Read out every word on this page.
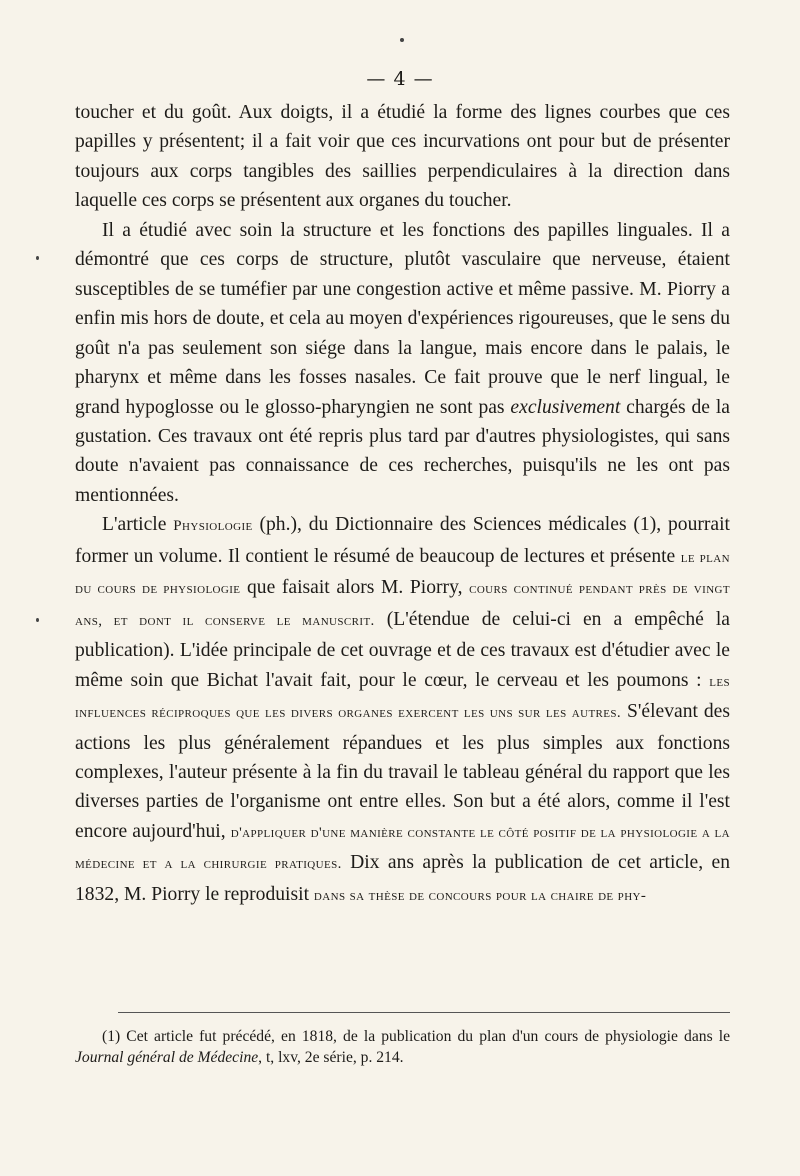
— 4 —

toucher et du goût. Aux doigts, il a étudié la forme des lignes courbes que ces papilles y présentent; il a fait voir que ces incurvations ont pour but de présenter toujours aux corps tangibles des saillies perpendiculaires à la direction dans laquelle ces corps se présentent aux organes du toucher.

Il a étudié avec soin la structure et les fonctions des papilles linguales. Il a démontré que ces corps de structure, plutôt vasculaire que nerveuse, étaient susceptibles de se tuméfier par une congestion active et même passive. M. Piorry a enfin mis hors de doute, et cela au moyen d'expériences rigoureuses, que le sens du goût n'a pas seulement son siége dans la langue, mais encore dans le palais, le pharynx et même dans les fosses nasales. Ce fait prouve que le nerf lingual, le grand hypoglosse ou le glosso-pharyngien ne sont pas exclusivement chargés de la gustation. Ces travaux ont été repris plus tard par d'autres physiologistes, qui sans doute n'avaient pas connaissance de ces recherches, puisqu'ils ne les ont pas mentionnées.

L'article Physiologie (ph.), du Dictionnaire des Sciences médicales (1), pourrait former un volume. Il contient le résumé de beaucoup de lectures et présente le plan du cours de physiologie que faisait alors M. Piorry, cours continué pendant près de vingt ans, et dont il conserve le manuscrit. (L'étendue de celui-ci en a empêché la publication). L'idée principale de cet ouvrage et de ces travaux est d'étudier avec le même soin que Bichat l'avait fait, pour le cœur, le cerveau et les poumons : les influences réciproques que les divers organes exercent les uns sur les autres. S'élevant des actions les plus généralement répandues et les plus simples aux fonctions complexes, l'auteur présente à la fin du travail le tableau général du rapport que les diverses parties de l'organisme ont entre elles. Son but a été alors, comme il l'est encore aujourd'hui, d'appliquer d'une manière constante le côté positif de la physiologie a la médecine et a la chirurgie pratiques. Dix ans après la publication de cet article, en 1832, M. Piorry le reproduisit dans sa thèse de concours pour la chaire de phy-

(1) Cet article fut précédé, en 1818, de la publication du plan d'un cours de physiologie dans le Journal général de Médecine, t, lxv, 2e série, p. 214.
